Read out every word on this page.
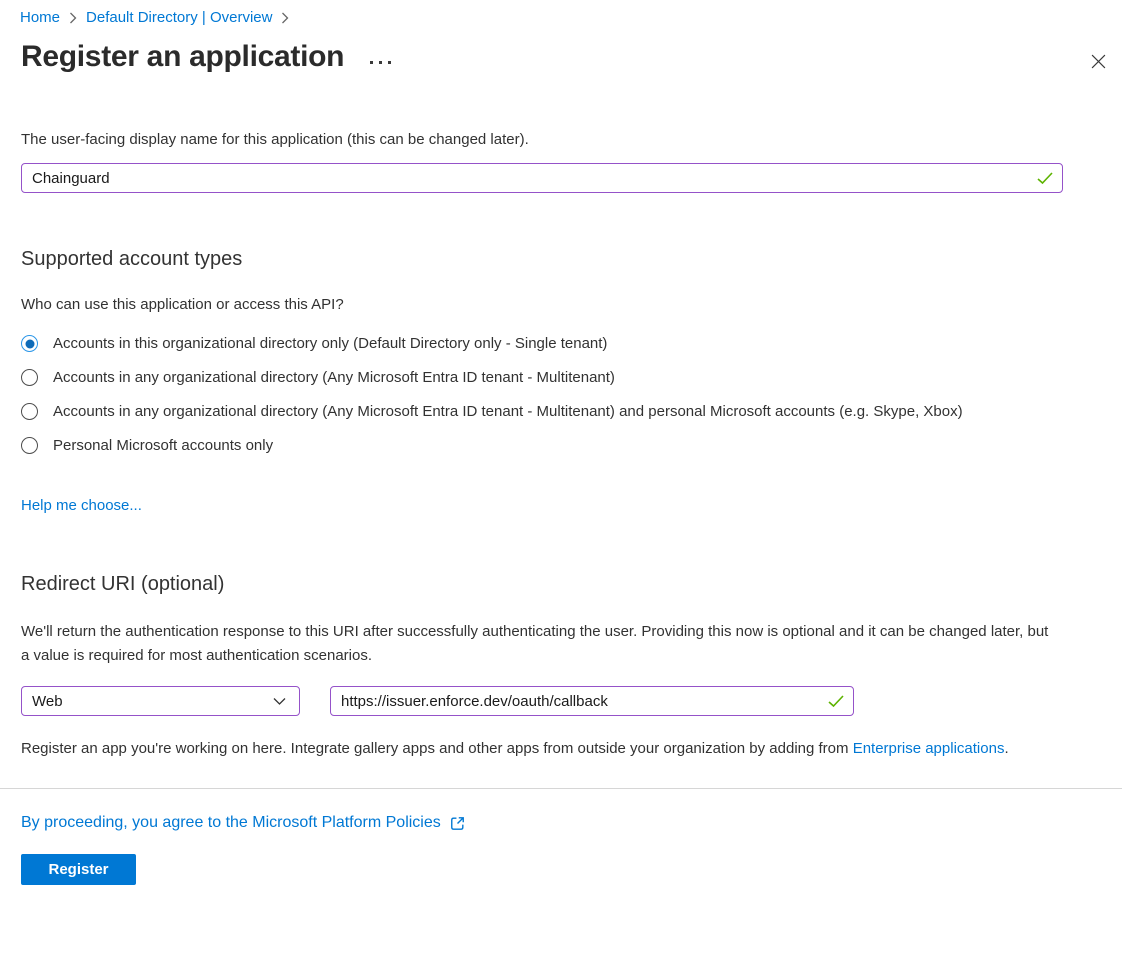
Home Default Directory | Overview
Register an application
The user-facing display name for this application (this can be changed later).
Chainguard
Supported account types
Who can use this application or access this API?
Accounts in this organizational directory only (Default Directory only - Single tenant)
Accounts in any organizational directory (Any Microsoft Entra ID tenant - Multitenant)
Accounts in any organizational directory (Any Microsoft Entra ID tenant - Multitenant) and personal Microsoft accounts (e.g. Skype, Xbox)
Personal Microsoft accounts only
Help me choose...
Redirect URI (optional)

We'll return the authentication response to this URI after successfully authenticating the user. Providing this now is optional and it can be changed later, but a value is required for most authentication scenarios.

Web
https://issuer.enforce.dev/oauth/callback

Register an app you're working on here. Integrate gallery apps and other apps from outside your organization by adding from Enterprise applications.

By proceeding, you agree to the Microsoft Platform Policies
Register
